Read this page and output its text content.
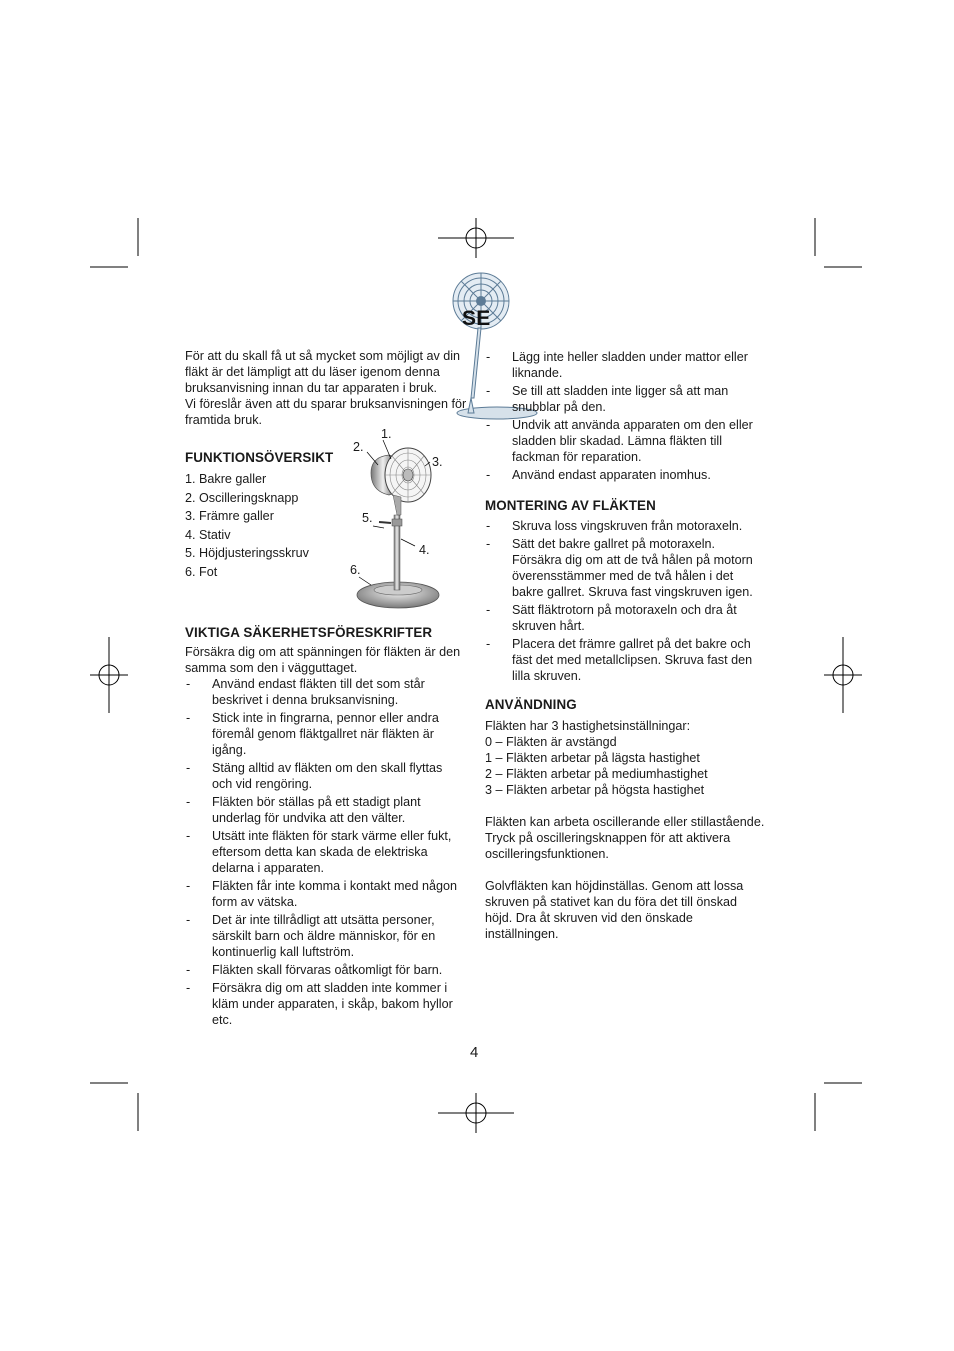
SE
För att du skall få ut så mycket som möjligt av din
fläkt är det lämpligt att du läser igenom denna
bruksanvisning innan du tar apparaten i bruk.
Vi föreslår även att du sparar bruksanvisningen för
framtida bruk.
FUNKTIONSÖVERSIKT
1. Bakre galler
2. Oscilleringsknapp
3. Främre galler
4. Stativ
5. Höjdjusteringsskruv
6. Fot
VIKTIGA SÄKERHETSFÖRESKRIFTER
Försäkra dig om att spänningen för fläkten är den
samma som den i vägguttaget.
- Använd endast fläkten till det som står
beskrivet i denna bruksanvisning.
- Stick inte in fingrarna, pennor eller andra
föremål genom fläktgallret när fläkten är
igång.
- Stäng alltid av fläkten om den skall flyttas
och vid rengöring.
- Fläkten bör ställas på ett stadigt plant
underlag för undvika att den välter.
- Utsätt inte fläkten för stark värme eller fukt,
eftersom detta kan skada de elektriska
delarna i apparaten.
- Fläkten får inte komma i kontakt med någon
form av vätska.
- Det är inte tillrådligt att utsätta personer,
särskilt barn och äldre människor, för en
kontinuerlig kall luftström.
- Fläkten skall förvaras oåtkomligt för barn.
- Försäkra dig om att sladden inte kommer i
kläm under apparaten, i skåp, bakom hyllor
etc.
1.
2.
3.
5.
4.
6.
- Lägg inte heller sladden under mattor eller
liknande.
- Se till att sladden inte ligger så att man
snubblar på den.
- Undvik att använda apparaten om den eller
sladden blir skadad. Lämna fläkten till
fackman för reparation.
- Använd endast apparaten inomhus.
MONTERING AV FLÄKTEN
- Skruva loss vingskruven från motoraxeln.
- Sätt det bakre gallret på motoraxeln.
Försäkra dig om att de två hålen på motorn
överensstämmer med de två hålen i det
bakre gallret. Skruva fast vingskruven igen.
- Sätt fläktrotorn på motoraxeln och dra åt
skruven hårt.
- Placera det främre gallret på det bakre och
fäst det med metallclipsen. Skruva fast den
lilla skruven.
ANVÄNDNING
Fläkten har 3 hastighetsinställningar:
0 – Fläkten är avstängd
1 – Fläkten arbetar på lägsta hastighet
2 – Fläkten arbetar på mediumhastighet
3 – Fläkten arbetar på högsta hastighet
Fläkten kan arbeta oscillerande eller stillastående.
Tryck på oscilleringsknappen för att aktivera
oscilleringsfunktionen.
Golvfläkten kan höjdinställas. Genom att lossa
skruven på stativet kan du föra det till önskad
höjd. Dra åt skruven vid den önskade
inställningen.
4
